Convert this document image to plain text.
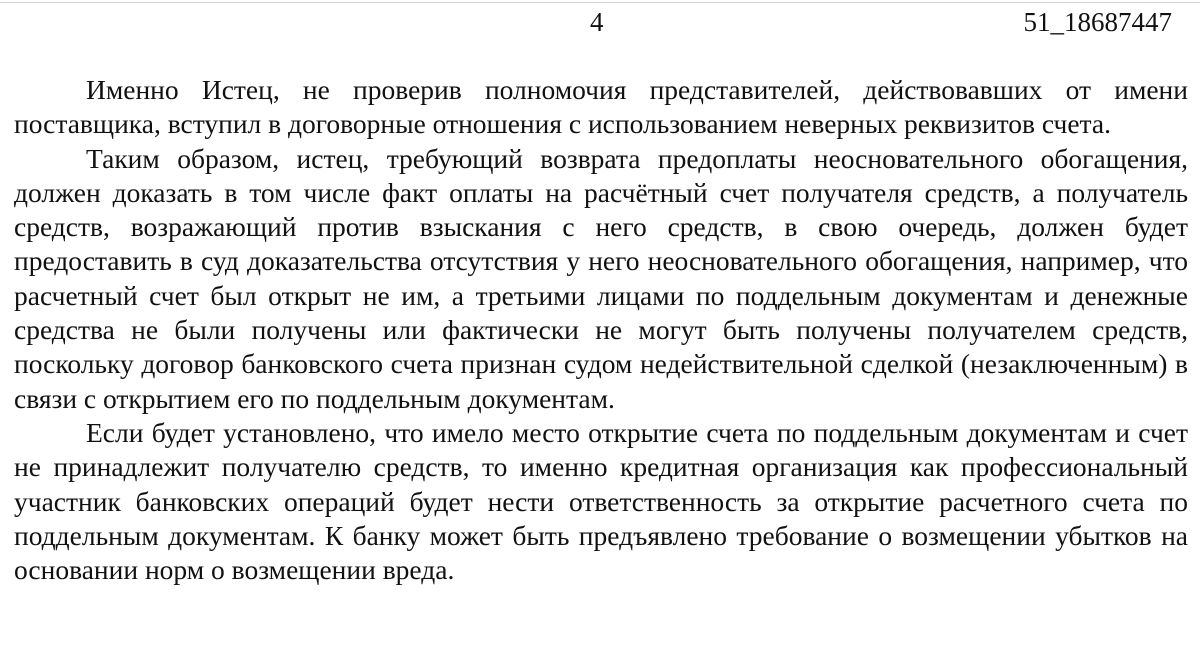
4	51_18687447

Именно Истец, не проверив полномочия представителей, действовавших от имени поставщика, вступил в договорные отношения с использованием неверных реквизитов счета.

Таким образом, истец, требующий возврата предоплаты неосновательного обогащения, должен доказать в том числе факт оплаты на расчётный счет получателя средств, а получатель средств, возражающий против взыскания с него средств, в свою очередь, должен будет предоставить в суд доказательства отсутствия у него неосновательного обогащения, например, что расчетный счет был открыт не им, а третьими лицами по поддельным документам и денежные средства не были получены или фактически не могут быть получены получателем средств, поскольку договор банковского счета признан судом недействительной сделкой (незаключенным) в связи с открытием его по поддельным документам.

Если будет установлено, что имело место открытие счета по поддельным документам и счет не принадлежит получателю средств, то именно кредитная организация как профессиональный участник банковских операций будет нести ответственность за открытие расчетного счета по поддельным документам. К банку может быть предъявлено требование о возмещении убытков на основании норм о возмещении вреда.
